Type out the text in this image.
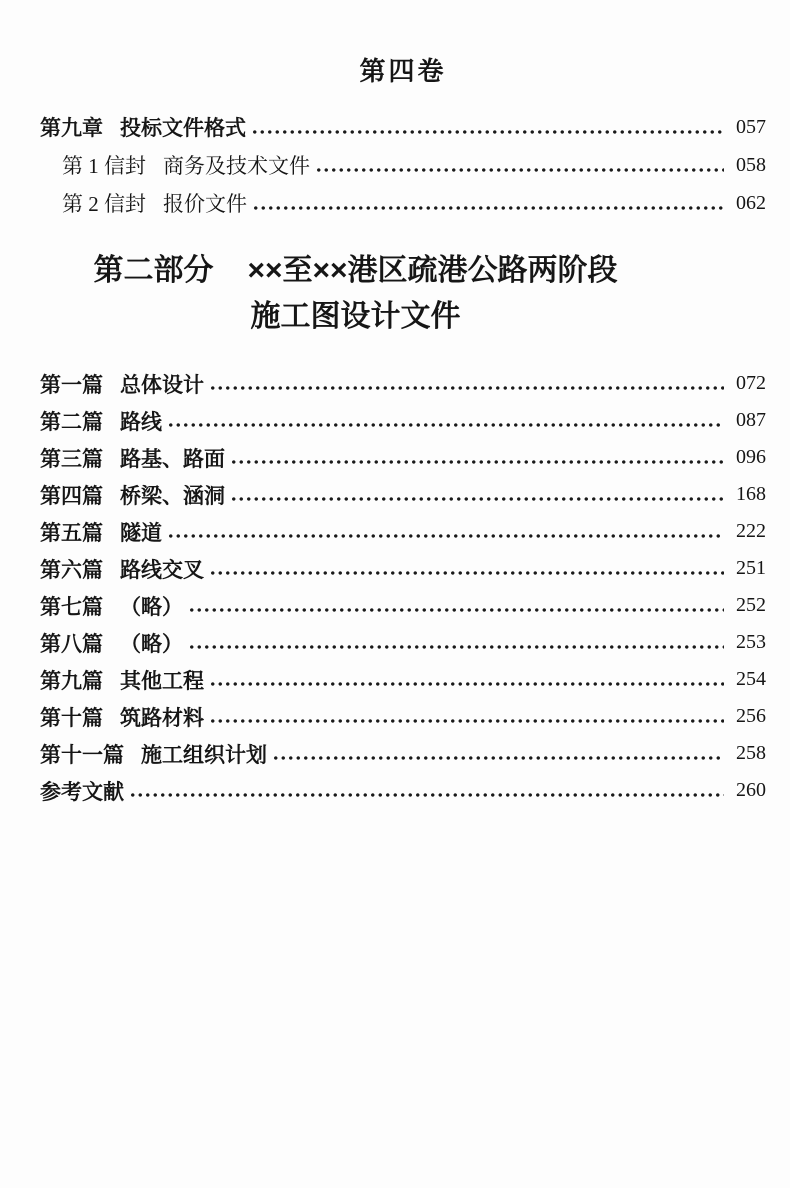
第四卷
第九章 投标文件格式	057
第 1 信封 商务及技术文件	058
第 2 信封 报价文件	062
第二部分 ××至××港区疏港公路两阶段
施工图设计文件
第一篇 总体设计	072
第二篇 路线	087
第三篇 路基、路面	096
第四篇 桥梁、涵洞	168
第五篇 隧道	222
第六篇 路线交叉	251
第七篇 （略）	252
第八篇 （略）	253
第九篇 其他工程	254
第十篇 筑路材料	256
第十一篇 施工组织计划	258
参考文献	260
